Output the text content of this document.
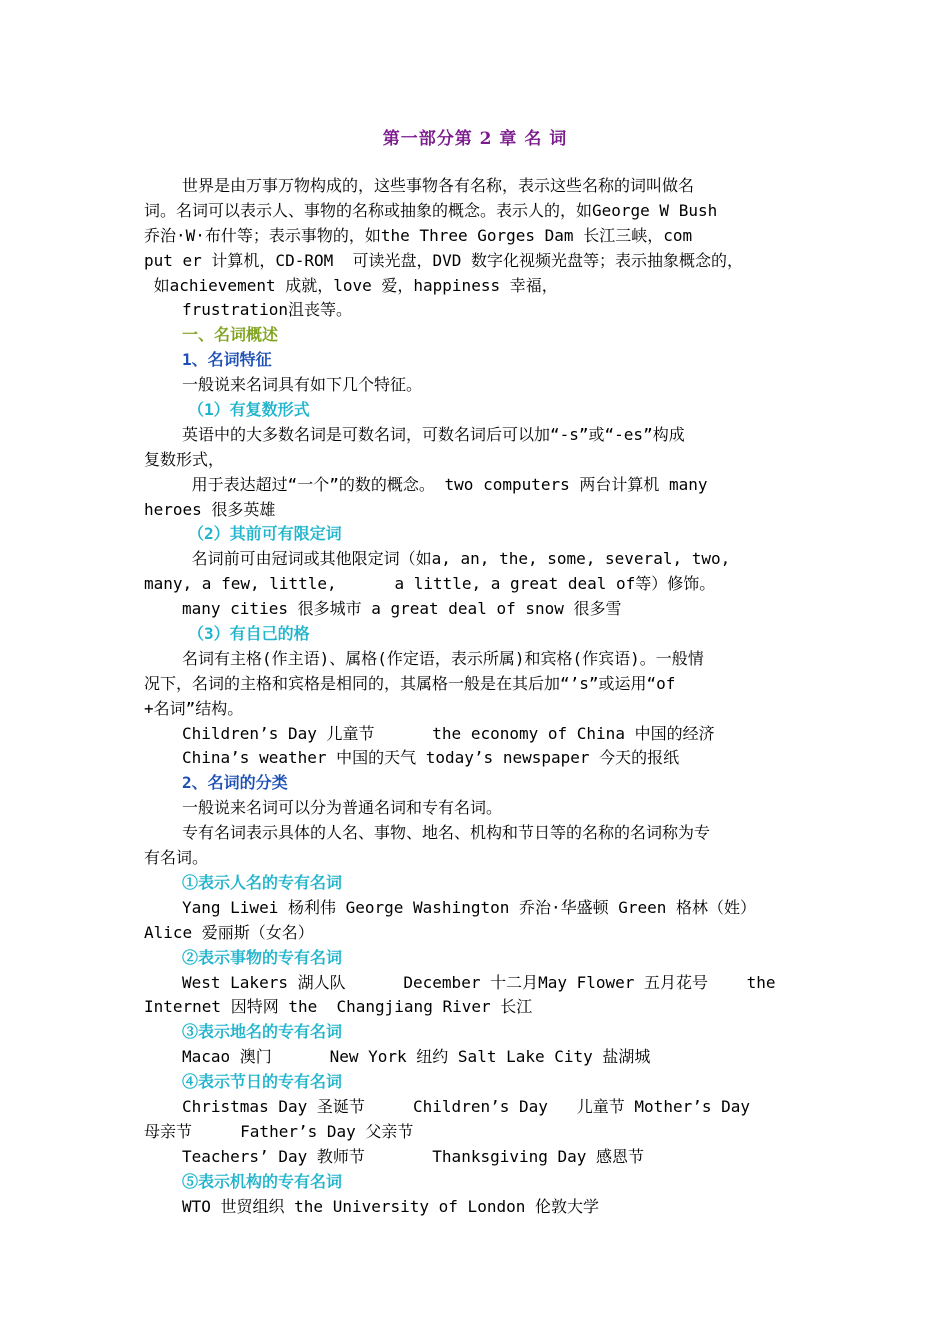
第一部分第 2 章 名 词
世界是由万事万物构成的，这些事物各有名称，表示这些名称的词叫做名
词。名词可以表示人、事物的名称或抽象的概念。表示人的，如George W Bush
乔治·W·布什等；表示事物的，如the Three Gorges Dam 长江三峡，com
put er 计算机，CD-ROM  可读光盘，DVD 数字化视频光盘等；表示抽象概念的，
如achievement 成就，love 爱，happiness 幸福，
frustration沮丧等。
一、名词概述
1、名词特征
一般说来名词具有如下几个特征。
（1）有复数形式
英语中的大多数名词是可数名词，可数名词后可以加“-s”或“-es”构成
复数形式，
用于表达超过“一个”的数的概念。 two computers 两台计算机 many
heroes 很多英雄
（2）其前可有限定词
名词前可由冠词或其他限定词（如a, an, the, some, several, two,
many, a few, little,      a little, a great deal of等）修饰。
many cities 很多城市 a great deal of snow 很多雪
（3）有自己的格
名词有主格(作主语)、属格(作定语，表示所属)和宾格(作宾语)。一般情
况下，名词的主格和宾格是相同的，其属格一般是在其后加“’s”或运用“of
+名词”结构。
Children’s Day 儿童节      the economy of China 中国的经济
China’s weather 中国的天气 today’s newspaper 今天的报纸
2、名词的分类
一般说来名词可以分为普通名词和专有名词。
专有名词表示具体的人名、事物、地名、机构和节日等的名称的名词称为专
有名词。
①表示人名的专有名词
Yang Liwei 杨利伟 George Washington 乔治·华盛顿 Green 格林（姓）
Alice 爱丽斯（女名）
②表示事物的专有名词
West Lakers 湖人队      December 十二月May Flower 五月花号    the
Internet 因特网 the  Changjiang River 长江
③表示地名的专有名词
Macao 澳门      New York 纽约 Salt Lake City 盐湖城
④表示节日的专有名词
Christmas Day 圣诞节     Children’s Day   儿童节 Mother’s Day
母亲节     Father’s Day 父亲节
Teachers’ Day 教师节       Thanksgiving Day 感恩节
⑤表示机构的专有名词
WTO 世贸组织 the University of London 伦敦大学
